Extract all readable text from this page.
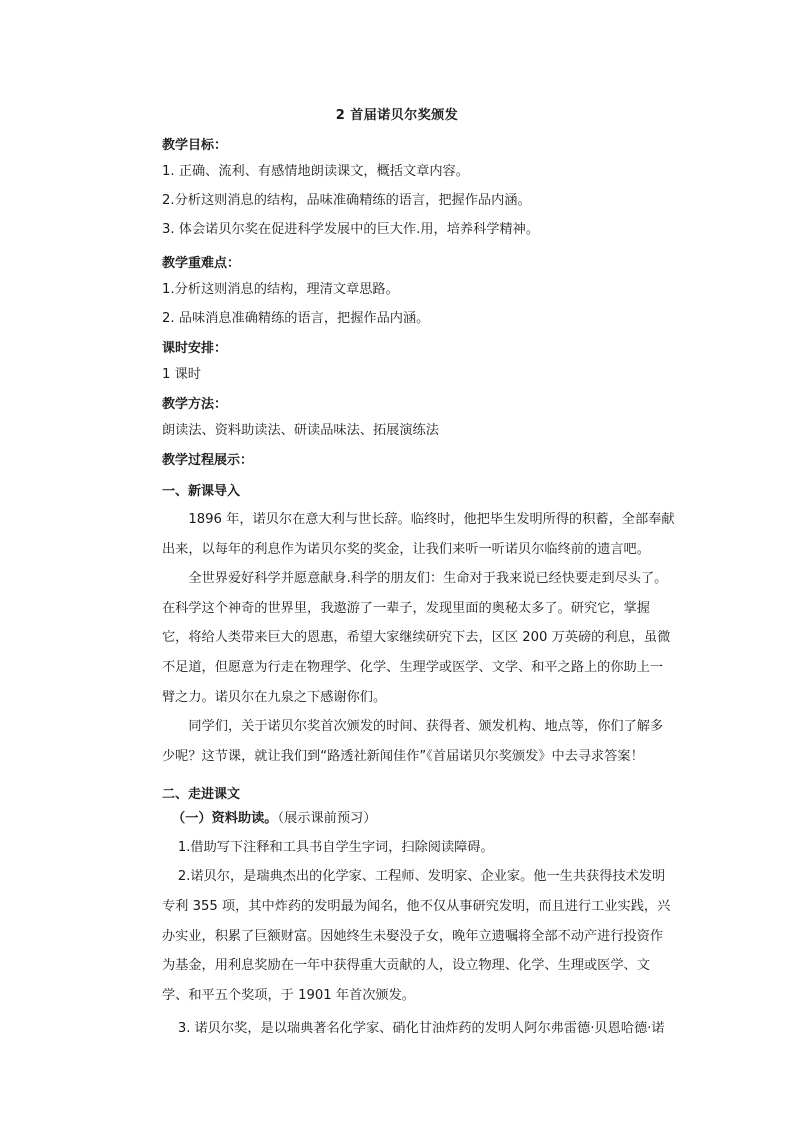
2 首届诺贝尔奖颁发

教学目标：

1. 正确、流利、有感情地朗读课文，概括文章内容。

2.分析这则消息的结构，品味准确精练的语言，把握作品内涵。

3. 体会诺贝尔奖在促进科学发展中的巨大作.用，培养科学精神。

教学重难点：

1.分析这则消息的结构，理清文章思路。

2. 品味消息准确精练的语言，把握作品内涵。

课时安排：

1 课时

教学方法：

朗读法、资料助读法、研读品味法、拓展演练法

教学过程展示：

一、新课导入

1896 年，诺贝尔在意大利与世长辞。临终时，他把毕生发明所得的积蓄，全部奉献出来，以每年的利息作为诺贝尔奖的奖金，让我们来听一听诺贝尔临终前的遗言吧。

全世界爱好科学并愿意献身.科学的朋友们：生命对于我来说已经快要走到尽头了。在科学这个神奇的世界里，我遨游了一辈子，发现里面的奥秘太多了。研究它，掌握它，将给人类带来巨大的恩惠，希望大家继续研究下去，区区 200 万英磅的利息，虽微不足道，但愿意为行走在物理学、化学、生理学或医学、文学、和平之路上的你助上一臂之力。诺贝尔在九泉之下感谢你们。

同学们，关于诺贝尔奖首次颁发的时间、获得者、颁发机构、地点等，你们了解多少呢？这节课，就让我们到“路透社新闻佳作”《首届诺贝尔奖颁发》中去寻求答案！

二、走进课文

（一）资料助读。（展示课前预习）

1.借助写下注释和工具书自学生字词，扫除阅读障碍。

2.诺贝尔，是瑞典杰出的化学家、工程师、发明家、企业家。他一生共获得技术发明专利 355 项，其中炸药的发明最为闻名，他不仅从事研究发明，而且进行工业实践，兴办实业，积累了巨额财富。因她终生未娶没子女，晚年立遗嘱将全部不动产进行投资作为基金，用利息奖励在一年中获得重大贡献的人，设立物理、化学、生理或医学、文学、和平五个奖项，于 1901 年首次颁发。

3. 诺贝尔奖，是以瑞典著名化学家、硝化甘油炸药的发明人阿尔弗雷德·贝恩哈德·诺
